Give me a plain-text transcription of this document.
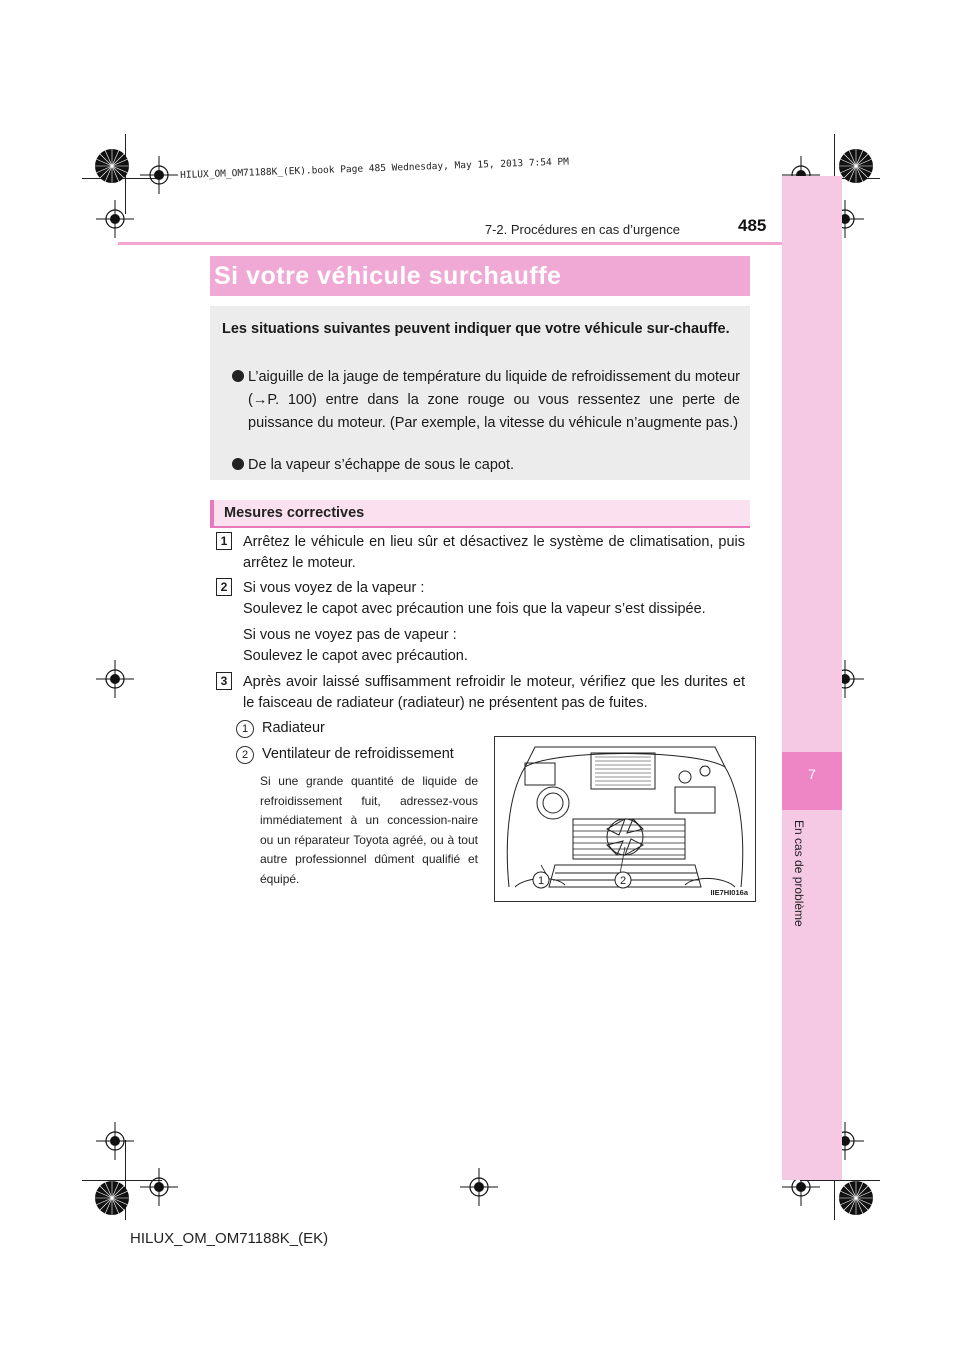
HILUX_OM_OM71188K_(EK).book Page 485 Wednesday, May 15, 2013 7:54 PM
7
En cas de problème
7-2. Procédures en cas d’urgence	485
Si votre véhicule surchauffe
Les situations suivantes peuvent indiquer que votre véhicule sur-chauffe.
L’aiguille de la jauge de température du liquide de refroidissement du moteur (→P. 100) entre dans la zone rouge ou vous ressentez une perte de puissance du moteur. (Par exemple, la vitesse du véhicule n’augmente pas.)
De la vapeur s’échappe de sous le capot.
Mesures correctives
1	Arrêtez le véhicule en lieu sûr et désactivez le système de climatisation, puis arrêtez le moteur.
2	Si vous voyez de la vapeur :
Soulevez le capot avec précaution une fois que la vapeur s’est dissipée.
Si vous ne voyez pas de vapeur :
Soulevez le capot avec précaution.
3	Après avoir laissé suffisamment refroidir le moteur, vérifiez que les durites et le faisceau de radiateur (radiateur) ne présentent pas de fuites.
1 Radiateur
2 Ventilateur de refroidissement
Si une grande quantité de liquide de refroidissement fuit, adressez-vous immédiatement à un concession-naire ou un réparateur Toyota agréé, ou à tout autre professionnel dûment qualifié et équipé.	1	2
IIE7HI016a
HILUX_OM_OM71188K_(EK)
